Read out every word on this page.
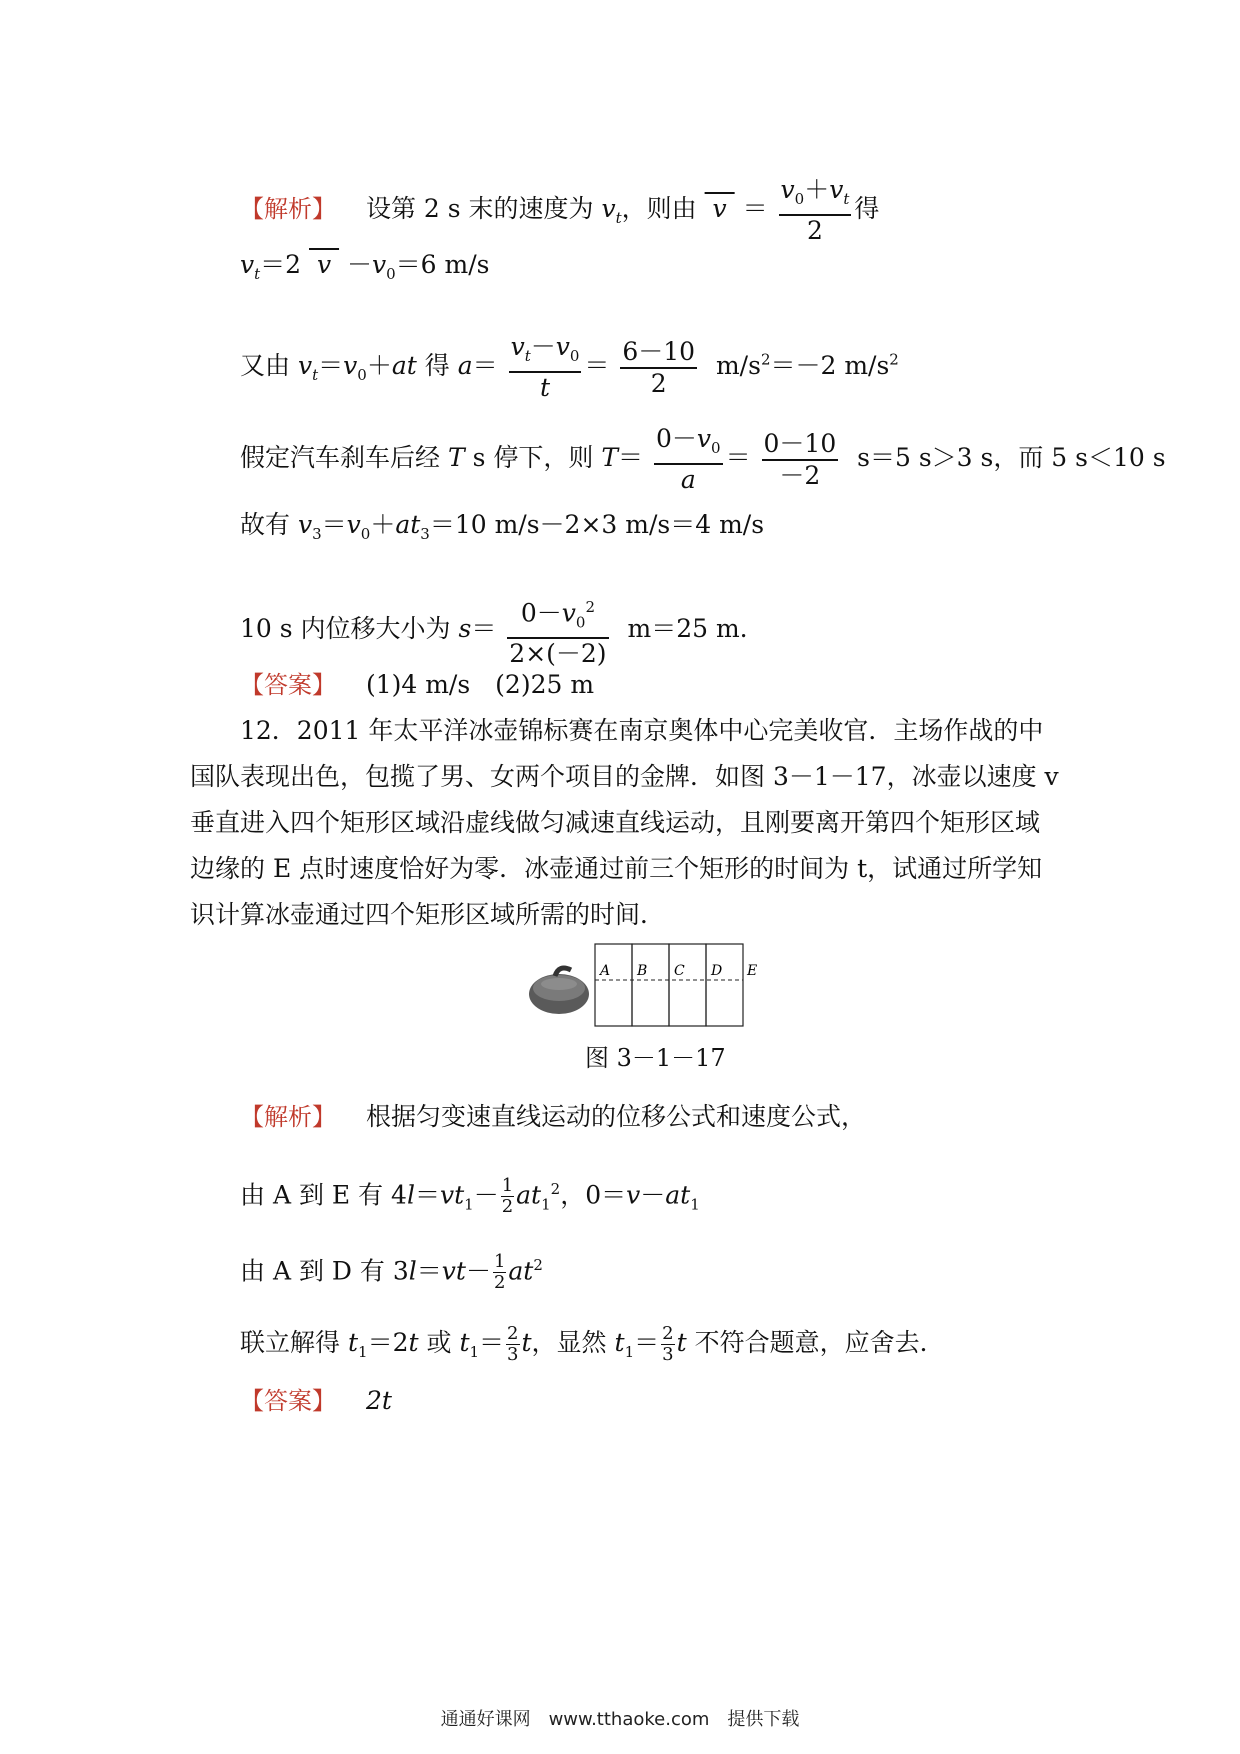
【解析】 设第 2 s 末的速度为 $v_t$，则由  $v = \frac{v_0+v_t}{2}$ 得
$v_t=2$  $v -v_0=6$ m/s
又由 $v_t=v_0+at$ 得 $a= \frac{v_t-v_0}{t} = \frac{6-10}{2} m/s^2=-2$ $m/s^2$
假定汽车刹车后经 T s 停下，则 $T= \frac{0-v_0}{a} = \frac{0-10}{-2} s=5$ s＞3 s，而 5 s＜10 s
故有 $v_3=v_0+at_3=10$ m/s－2×3 m/s＝4 m/s
10 s 内位移大小为 $s= \frac{0-v_0^2}{2\times(-2)} m=25$ m.
【答案】 (1)4 m/s　(2)25 m
12．2011 年太平洋冰壶锦标赛在南京奥体中心完美收官．主场作战的中国队表现出色，包揽了男、女两个项目的金牌．如图 3－1－17，冰壶以速度 v 垂直进入四个矩形区域沿虚线做匀减速直线运动，且刚要离开第四个矩形区域边缘的 E 点时速度恰好为零．冰壶通过前三个矩形的时间为 t，试通过所学知识计算冰壶通过四个矩形区域所需的时间．
A B C D E
图 3－1－17
【解析】 根据匀变速直线运动的位移公式和速度公式，
由 A 到 E 有 $4l=vt_1- \frac{1}{2} at_1^2$，$0=v-at_1$
由 A 到 D 有 $3l=vt- \frac{1}{2} at^2$
联立解得 $t_1=2t$ 或 $t_1= \frac{2}{3}$ t，显然 $t_1= \frac{2}{3}$ t 不符合题意，应舍去．
【答案】 2t
通通好课网　www.tthaoke.com　提供下载
